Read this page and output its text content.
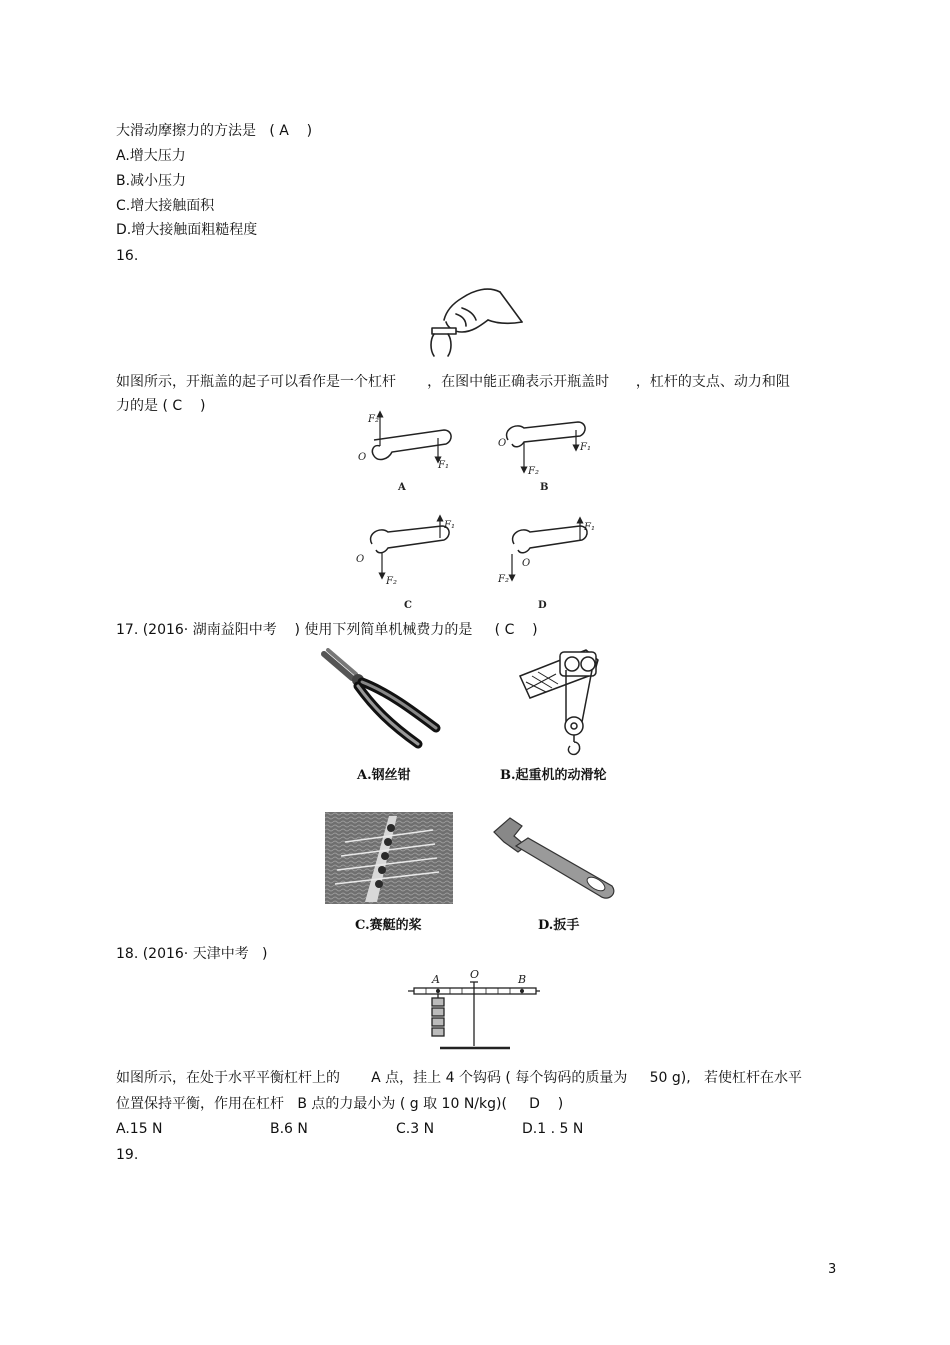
大滑动摩擦力的方法是   ( A    )
A.增大压力
B.减小压力
C.增大接触面积
D.增大接触面粗糙程度
16.
如图所示，开瓶盖的起子可以看作是一个杠杆       ，在图中能正确表示开瓶盖时      ，杠杆的支点、动力和阻
力的是 ( C    )
O
F₂
F₁
A
O
F₂
F₁
B
O
F₂
F₁
C
O
F₂
F₁
D
17. (2016· 湖南益阳中考    ) 使用下列简单机械费力的是     ( C    )
A.钢丝钳	B.起重机的动滑轮
C.赛艇的桨	D.扳手
18. (2016· 天津中考   )
A	O	B
如图所示，在处于水平平衡杠杆上的       A 点，挂上 4 个钩码 ( 每个钩码的质量为     50 g),   若使杠杆在水平
位置保持平衡，作用在杠杆   B 点的力最小为 ( g 取 10 N/kg)(     D    )
A.15 N	B.6 N	C.3 N	D.1 . 5 N
19.
3
